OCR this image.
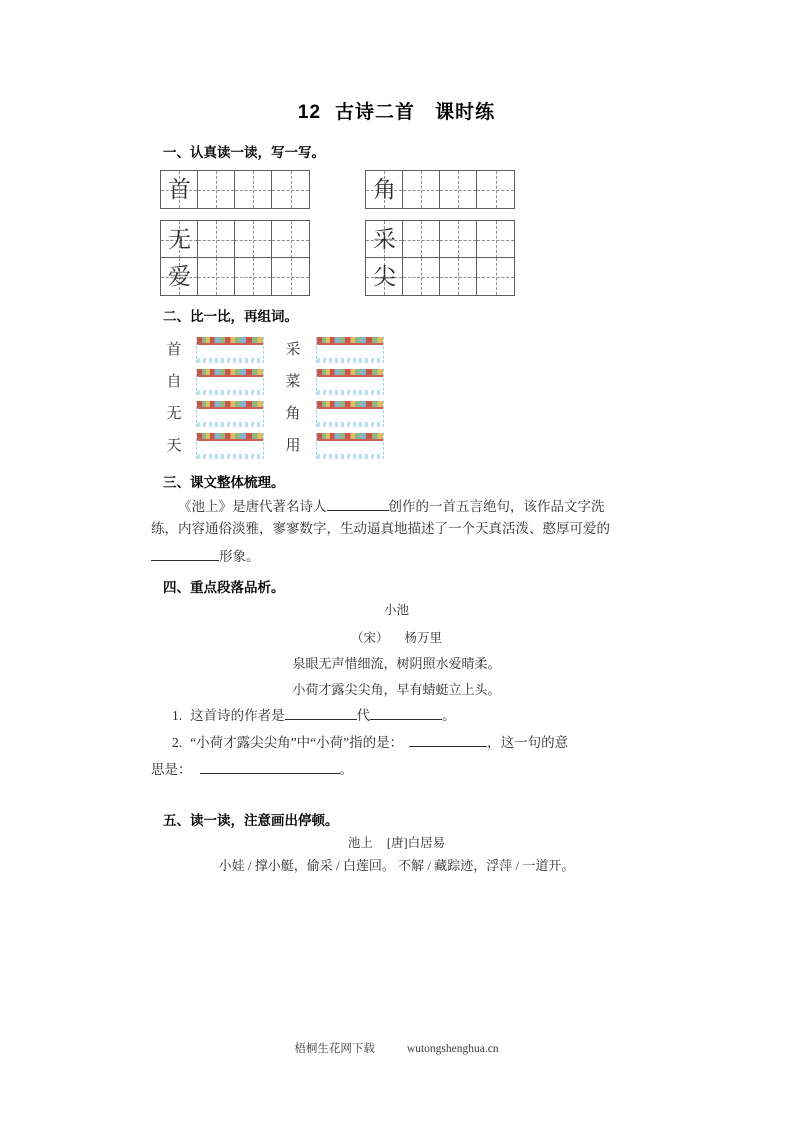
12 古诗二首 课时练
一、认真读一读，写一写。
首
无
爱
角
采
尖
二、比一比，再组词。
首
自
无
天
采
菜
角
用
三、课文整体梳理。
《池上》是唐代著名诗人	创作的一首五言绝句，该作品文字洗
练，内容通俗淡雅，寥寥数字，生动逼真地描述了一个天真活泼、憨厚可爱的
形象。
四、重点段落品析。
小池
（宋） 杨万里
泉眼无声惜细流，树阴照水爱晴柔。
小荷才露尖尖角，早有蜻蜓立上头。
1. 这首诗的作者是	代	。
2. “小荷才露尖尖角”中“小荷”指的是：	，这一句的意
思是：	。
五、读一读，注意画出停顿。
池上 [唐]白居易
小娃 / 撑小艇，偷采 / 白莲回。 不解 / 藏踪迹，浮萍 / 一道开。
梧桐生花网下载	wutongshenghua.cn
